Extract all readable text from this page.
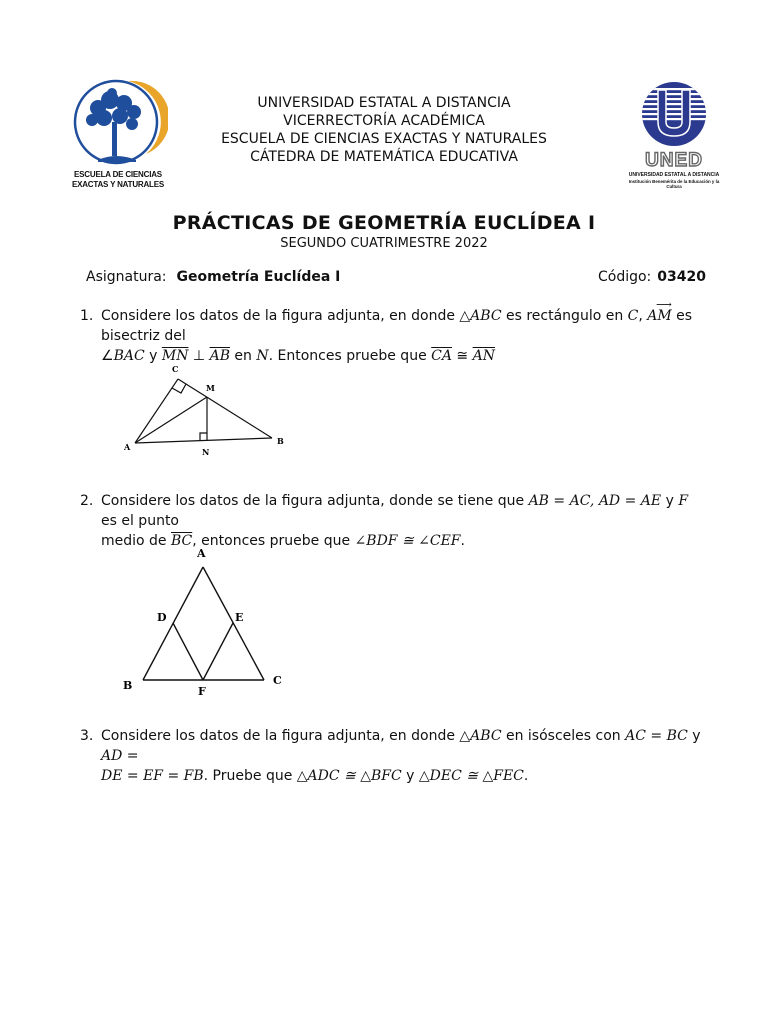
ESCUELA DE CIENCIAS
EXACTAS Y NATURALES
UNED
UNIVERSIDAD ESTATAL A DISTANCIA
Institución Benemérita de la Educación y la Cultura
UNIVERSIDAD ESTATAL A DISTANCIA
VICERRECTORÍA ACADÉMICA
ESCUELA DE CIENCIAS EXACTAS Y NATURALES
CÁTEDRA DE MATEMÁTICA EDUCATIVA
PRÁCTICAS DE GEOMETRÍA EUCLÍDEA I
SEGUNDO CUATRIMESTRE 2022
Asignatura: Geometría Euclídea I	Código: 03420
1. Considere los datos de la figura adjunta, en donde △ABC es rectángulo en C,
⟶
AM es bisectriz del
∠BAC y $\overline{MN}$ ⊥ $\overline{AB}$ en N. Entonces pruebe que $\overline{CA}$ ≅ $\overline{AN}$
C
M
A
B
N
2. Considere los datos de la figura adjunta, donde se tiene que AB = AC, AD = AE y F es el punto
medio de $\overline{BC}$, entonces pruebe que ∠BDF ≅ ∠CEF.
A
D	E
B	C
F
3. Considere los datos de la figura adjunta, en donde △ABC en isósceles con AC = BC y AD =
DE = EF = FB. Pruebe que △ADC ≅ △BFC y △DEC ≅ △FEC.
